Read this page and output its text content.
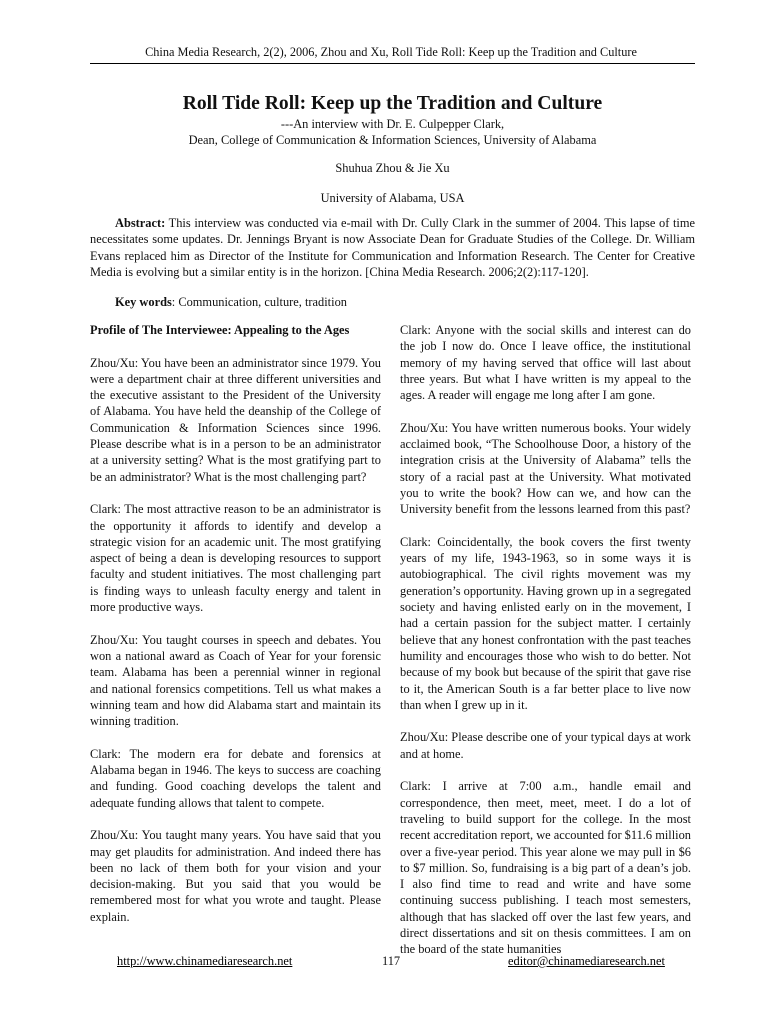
China Media Research, 2(2), 2006, Zhou and Xu, Roll Tide Roll: Keep up the Tradition and Culture
Roll Tide Roll: Keep up the Tradition and Culture

---An interview with Dr. E. Culpepper Clark,

Dean, College of Communication & Information Sciences, University of Alabama

Shuhua Zhou & Jie Xu
University of Alabama, USA

Abstract: This interview was conducted via e-mail with Dr. Cully Clark in the summer of 2004. This lapse of time necessitates some updates. Dr. Jennings Bryant is now Associate Dean for Graduate Studies of the College. Dr. William Evans replaced him as Director of the Institute for Communication and Information Research. The Center for Creative Media is evolving but a similar entity is in the horizon. [China Media Research. 2006;2(2):117-120].

Key words: Communication, culture, tradition

Profile of The Interviewee: Appealing to the Ages

Zhou/Xu: You have been an administrator since 1979. You were a department chair at three different universities and the executive assistant to the President of the University of Alabama. You have held the deanship of the College of Communication & Information Sciences since 1996. Please describe what is in a person to be an administrator at a university setting? What is the most gratifying part to be an administrator? What is the most challenging part?

Clark: The most attractive reason to be an administrator is the opportunity it affords to identify and develop a strategic vision for an academic unit. The most gratifying aspect of being a dean is developing resources to support faculty and student initiatives. The most challenging part is finding ways to unleash faculty energy and talent in more productive ways.

Zhou/Xu: You taught courses in speech and debates. You won a national award as Coach of Year for your forensic team. Alabama has been a perennial winner in regional and national forensics competitions. Tell us what makes a winning team and how did Alabama start and maintain its winning tradition.

Clark: The modern era for debate and forensics at Alabama began in 1946. The keys to success are coaching and funding. Good coaching develops the talent and adequate funding allows that talent to compete.

Zhou/Xu: You taught many years. You have said that you may get plaudits for administration. And indeed there has been no lack of them both for your vision and your decision-making. But you said that you would be remembered most for what you wrote and taught. Please explain.

Clark: Anyone with the social skills and interest can do the job I now do. Once I leave office, the institutional memory of my having served that office will last about three years. But what I have written is my appeal to the ages. A reader will engage me long after I am gone.

Zhou/Xu: You have written numerous books. Your widely acclaimed book, “The Schoolhouse Door, a history of the integration crisis at the University of Alabama” tells the story of a racial past at the University. What motivated you to write the book? How can we, and how can the University benefit from the lessons learned from this past?

Clark: Coincidentally, the book covers the first twenty years of my life, 1943-1963, so in some ways it is autobiographical. The civil rights movement was my generation’s opportunity. Having grown up in a segregated society and having enlisted early on in the movement, I had a certain passion for the subject matter. I certainly believe that any honest confrontation with the past teaches humility and encourages those who wish to do better. Not because of my book but because of the spirit that gave rise to it, the American South is a far better place to live now than when I grew up in it.

Zhou/Xu: Please describe one of your typical days at work and at home.

Clark: I arrive at 7:00 a.m., handle email and correspondence, then meet, meet, meet. I do a lot of traveling to build support for the college. In the most recent accreditation report, we accounted for $11.6 million over a five-year period. This year alone we may pull in $6 to $7 million. So, fundraising is a big part of a dean’s job. I also find time to read and write and have some continuing success publishing. I teach most semesters, although that has slacked off over the last few years, and direct dissertations and sit on thesis committees. I am on the board of the state humanities

http://www.chinamediaresearch.net	117	editor@chinamediaresearch.net
